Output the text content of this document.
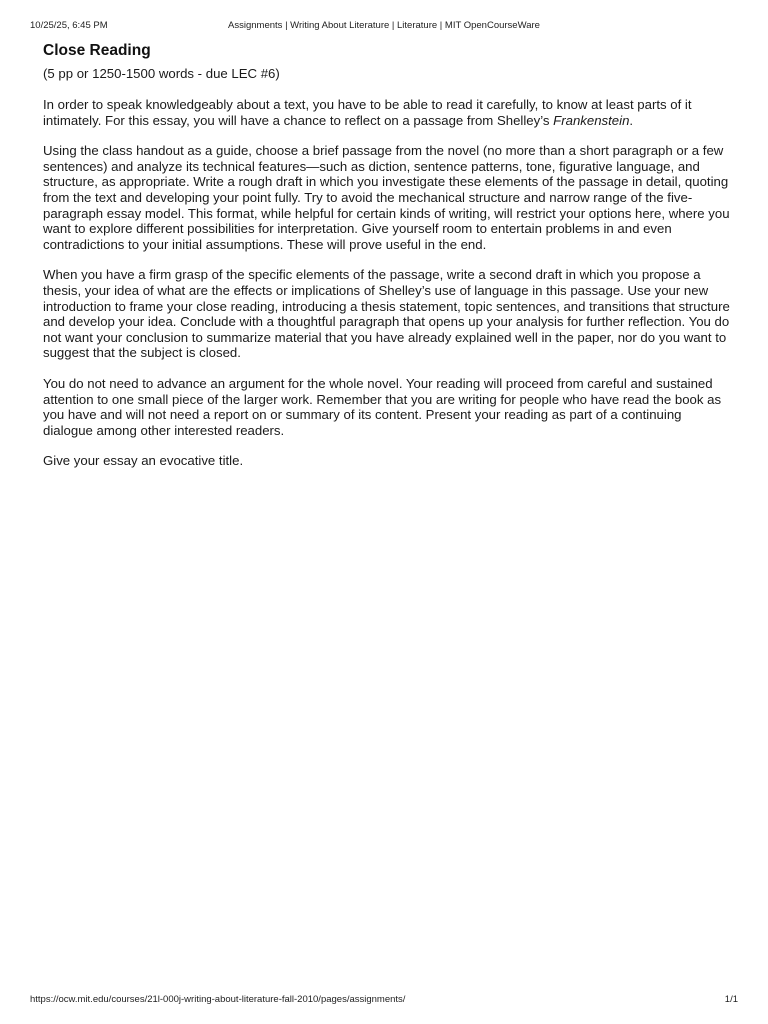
10/25/25, 6:45 PM	Assignments | Writing About Literature | Literature | MIT OpenCourseWare
Close Reading
(5 pp or 1250-1500 words - due LEC #6)

In order to speak knowledgeably about a text, you have to be able to read it carefully, to know at least parts of it intimately. For this essay, you will have a chance to reflect on a passage from Shelley’s Frankenstein.

Using the class handout as a guide, choose a brief passage from the novel (no more than a short paragraph or a few sentences) and analyze its technical features—such as diction, sentence patterns, tone, figurative language, and structure, as appropriate. Write a rough draft in which you investigate these elements of the passage in detail, quoting from the text and developing your point fully. Try to avoid the mechanical structure and narrow range of the five-paragraph essay model. This format, while helpful for certain kinds of writing, will restrict your options here, where you want to explore different possibilities for interpretation. Give yourself room to entertain problems in and even contradictions to your initial assumptions. These will prove useful in the end.

When you have a firm grasp of the specific elements of the passage, write a second draft in which you propose a thesis, your idea of what are the effects or implications of Shelley’s use of language in this passage. Use your new introduction to frame your close reading, introducing a thesis statement, topic sentences, and transitions that structure and develop your idea. Conclude with a thoughtful paragraph that opens up your analysis for further reflection. You do not want your conclusion to summarize material that you have already explained well in the paper, nor do you want to suggest that the subject is closed.

You do not need to advance an argument for the whole novel. Your reading will proceed from careful and sustained attention to one small piece of the larger work. Remember that you are writing for people who have read the book as you have and will not need a report on or summary of its content. Present your reading as part of a continuing dialogue among other interested readers.

Give your essay an evocative title.

https://ocw.mit.edu/courses/21l-000j-writing-about-literature-fall-2010/pages/assignments/	1/1
